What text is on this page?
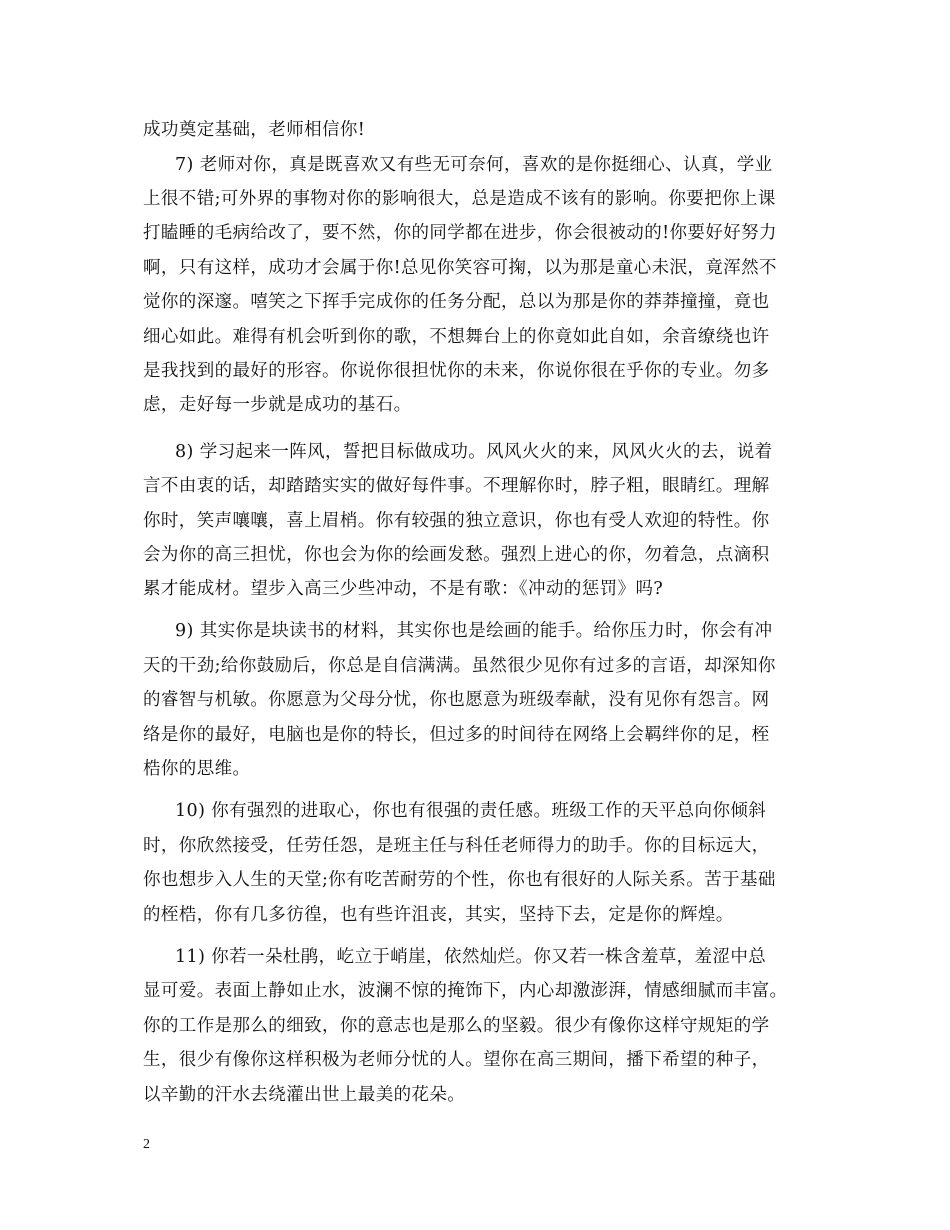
成功奠定基础，老师相信你!
7) 老师对你，真是既喜欢又有些无可奈何，喜欢的是你挺细心、认真，学业
上很不错;可外界的事物对你的影响很大，总是造成不该有的影响。你要把你上课
打瞌睡的毛病给改了，要不然，你的同学都在进步，你会很被动的!你要好好努力
啊，只有这样，成功才会属于你!总见你笑容可掬，以为那是童心未泯，竟浑然不
觉你的深邃。嘻笑之下挥手完成你的任务分配，总以为那是你的莽莽撞撞，竟也
细心如此。难得有机会听到你的歌，不想舞台上的你竟如此自如，余音缭绕也许
是我找到的最好的形容。你说你很担忧你的未来，你说你很在乎你的专业。勿多
虑，走好每一步就是成功的基石。
8) 学习起来一阵风，誓把目标做成功。风风火火的来，风风火火的去，说着
言不由衷的话，却踏踏实实的做好每件事。不理解你时，脖子粗，眼睛红。理解
你时，笑声嚷嚷，喜上眉梢。你有较强的独立意识，你也有受人欢迎的特性。你
会为你的高三担忧，你也会为你的绘画发愁。强烈上进心的你，勿着急，点滴积
累才能成材。望步入高三少些冲动，不是有歌：《冲动的惩罚》吗?
9) 其实你是块读书的材料，其实你也是绘画的能手。给你压力时，你会有冲
天的干劲;给你鼓励后，你总是自信满满。虽然很少见你有过多的言语，却深知你
的睿智与机敏。你愿意为父母分忧，你也愿意为班级奉献，没有见你有怨言。网
络是你的最好，电脑也是你的特长，但过多的时间待在网络上会羁绊你的足，桎
梏你的思维。
10) 你有强烈的进取心，你也有很强的责任感。班级工作的天平总向你倾斜
时，你欣然接受，任劳任怨，是班主任与科任老师得力的助手。你的目标远大，
你也想步入人生的天堂;你有吃苦耐劳的个性，你也有很好的人际关系。苦于基础
的桎梏，你有几多彷徨，也有些许沮丧，其实，坚持下去，定是你的辉煌。
11) 你若一朵杜鹃，屹立于峭崖，依然灿烂。你又若一株含羞草，羞涩中总
显可爱。表面上静如止水，波澜不惊的掩饰下，内心却激澎湃，情感细腻而丰富。
你的工作是那么的细致，你的意志也是那么的坚毅。很少有像你这样守规矩的学
生，很少有像你这样积极为老师分忧的人。望你在高三期间，播下希望的种子，
以辛勤的汗水去绕灌出世上最美的花朵。
2
